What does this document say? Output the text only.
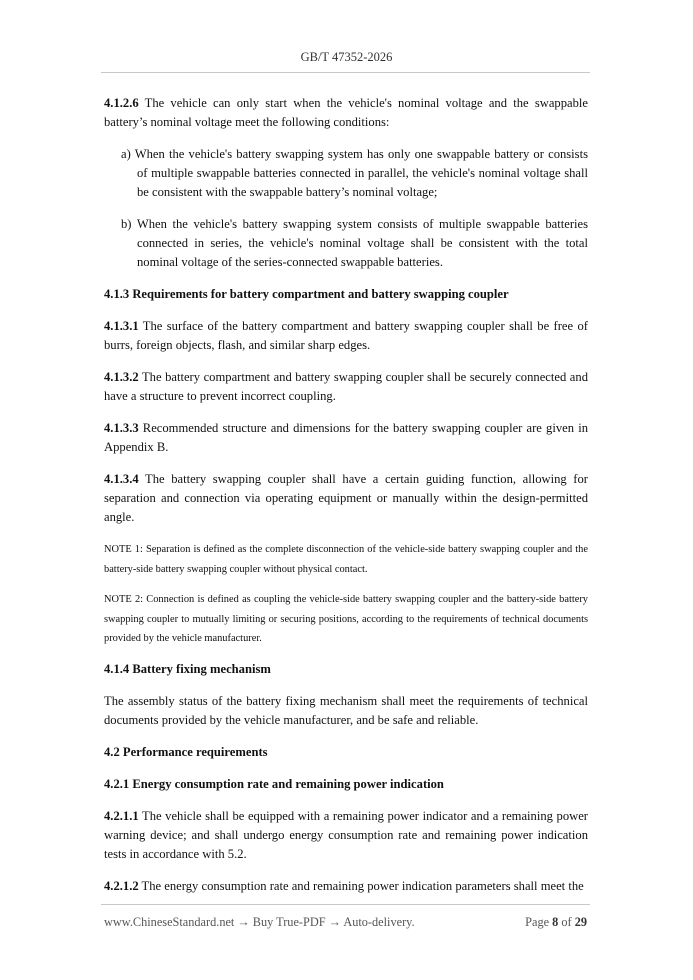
GB/T 47352-2026

4.1.2.6 The vehicle can only start when the vehicle's nominal voltage and the swappable battery’s nominal voltage meet the following conditions:

a) When the vehicle's battery swapping system has only one swappable battery or consists of multiple swappable batteries connected in parallel, the vehicle's nominal voltage shall be consistent with the swappable battery’s nominal voltage;

b) When the vehicle's battery swapping system consists of multiple swappable batteries connected in series, the vehicle's nominal voltage shall be consistent with the total nominal voltage of the series-connected swappable batteries.

4.1.3 Requirements for battery compartment and battery swapping coupler

4.1.3.1 The surface of the battery compartment and battery swapping coupler shall be free of burrs, foreign objects, flash, and similar sharp edges.

4.1.3.2 The battery compartment and battery swapping coupler shall be securely connected and have a structure to prevent incorrect coupling.

4.1.3.3 Recommended structure and dimensions for the battery swapping coupler are given in Appendix B.

4.1.3.4 The battery swapping coupler shall have a certain guiding function, allowing for separation and connection via operating equipment or manually within the design-permitted angle.

NOTE 1: Separation is defined as the complete disconnection of the vehicle-side battery swapping coupler and the battery-side battery swapping coupler without physical contact.

NOTE 2: Connection is defined as coupling the vehicle-side battery swapping coupler and the battery-side battery swapping coupler to mutually limiting or securing positions, according to the requirements of technical documents provided by the vehicle manufacturer.

4.1.4 Battery fixing mechanism

The assembly status of the battery fixing mechanism shall meet the requirements of technical documents provided by the vehicle manufacturer, and be safe and reliable.

4.2 Performance requirements

4.2.1 Energy consumption rate and remaining power indication

4.2.1.1 The vehicle shall be equipped with a remaining power indicator and a remaining power warning device; and shall undergo energy consumption rate and remaining power indication tests in accordance with 5.2.

4.2.1.2 The energy consumption rate and remaining power indication parameters shall meet the

www.ChineseStandard.net → Buy True-PDF → Auto-delivery.	Page 8 of 29
